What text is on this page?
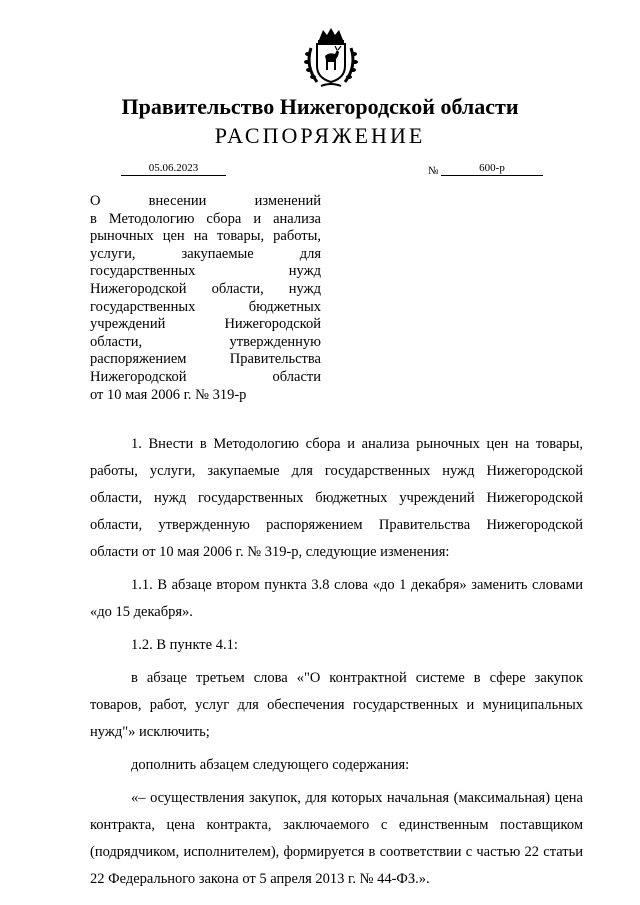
Правительство Нижегородской области
РАСПОРЯЖЕНИЕ
05.06.2023	№	600-р
О внесении изменений
в Методологию сбора и анализа
рыночных цен на товары, работы,
услуги, закупаемые для
государственных нужд
Нижегородской области, нужд
государственных бюджетных
учреждений Нижегородской
области, утвержденную
распоряжением Правительства
Нижегородской области
от 10 мая 2006 г. № 319-р

1. Внести в Методологию сбора и анализа рыночных цен на товары, работы, услуги, закупаемые для государственных нужд Нижегородской области, нужд государственных бюджетных учреждений Нижегородской области, утвержденную распоряжением Правительства Нижегородской области от 10 мая 2006 г. № 319-р, следующие изменения:

1.1. В абзаце втором пункта 3.8 слова «до 1 декабря» заменить словами «до 15 декабря».

1.2. В пункте 4.1:

в абзаце третьем слова «"О контрактной системе в сфере закупок товаров, работ, услуг для обеспечения государственных и муниципальных нужд"» исключить;

дополнить абзацем следующего содержания:

«– осуществления закупок, для которых начальная (максимальная) цена контракта, цена контракта, заключаемого с единственным поставщиком (подрядчиком, исполнителем), формируется в соответствии с частью 22 статьи 22 Федерального закона от 5 апреля 2013 г. № 44-ФЗ.».
